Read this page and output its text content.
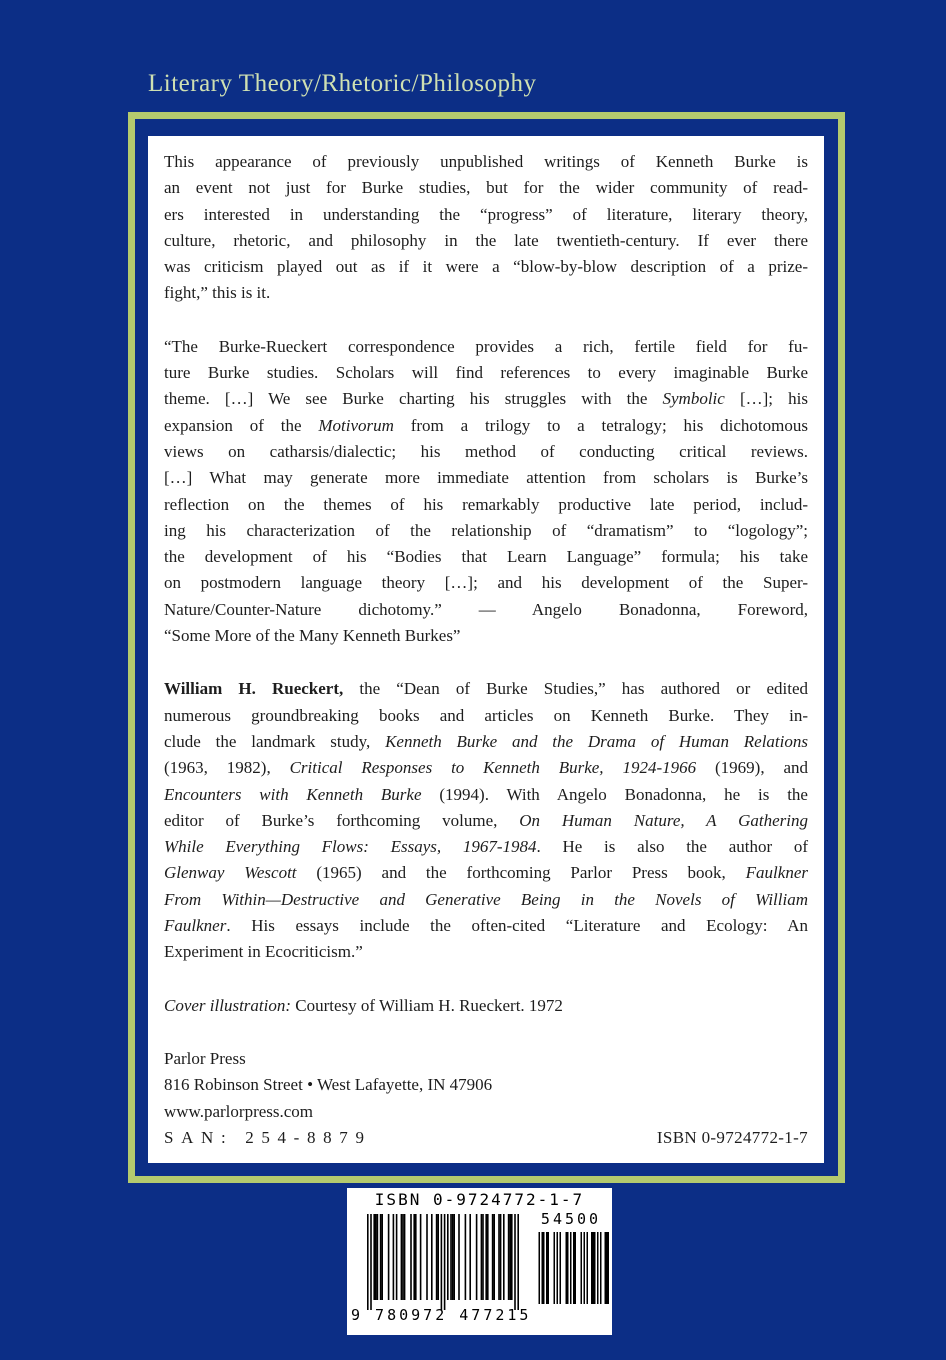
Literary Theory/Rhetoric/Philosophy
This appearance of previously unpublished writings of Kenneth Burke is
an event not just for Burke studies, but for the wider community of read-
ers interested in understanding the “progress” of literature, literary theory,
culture, rhetoric, and philosophy in the late twentieth-century. If ever there
was criticism played out as if it were a “blow-by-blow description of a prize-
fight,” this is it.
“The Burke-Rueckert correspondence provides a rich, fertile field for fu-
ture Burke studies. Scholars will find references to every imaginable Burke
theme. […] We see Burke charting his struggles with the Symbolic […]; his
expansion of the Motivorum from a trilogy to a tetralogy; his dichotomous
views on catharsis/dialectic; his method of conducting critical reviews.
[…] What may generate more immediate attention from scholars is Burke’s
reflection on the themes of his remarkably productive late period, includ-
ing his characterization of the relationship of “dramatism” to “logology”;
the development of his “Bodies that Learn Language” formula; his take
on postmodern language theory […]; and his development of the Super-
Nature/Counter-Nature dichotomy.” — Angelo Bonadonna, Foreword,
“Some More of the Many Kenneth Burkes”
William H. Rueckert, the “Dean of Burke Studies,” has authored or edited
numerous groundbreaking books and articles on Kenneth Burke. They in-
clude the landmark study, Kenneth Burke and the Drama of Human Relations
(1963, 1982), Critical Responses to Kenneth Burke, 1924-1966 (1969), and
Encounters with Kenneth Burke (1994). With Angelo Bonadonna, he is the
editor of Burke’s forthcoming volume, On Human Nature, A Gathering
While Everything Flows: Essays, 1967-1984. He is also the author of
Glenway Wescott (1965) and the forthcoming Parlor Press book, Faulkner
From Within—Destructive and Generative Being in the Novels of William
Faulkner. His essays include the often-cited “Literature and Ecology: An
Experiment in Ecocriticism.”
Cover illustration: Courtesy of William H. Rueckert. 1972
Parlor Press
816 Robinson Street • West Lafayette, IN 47906
www.parlorpress.com
SAN: 254-8879	ISBN 0-9724772-1-7
ISBN 0-9724772-1-7
54500
9 780972 477215
